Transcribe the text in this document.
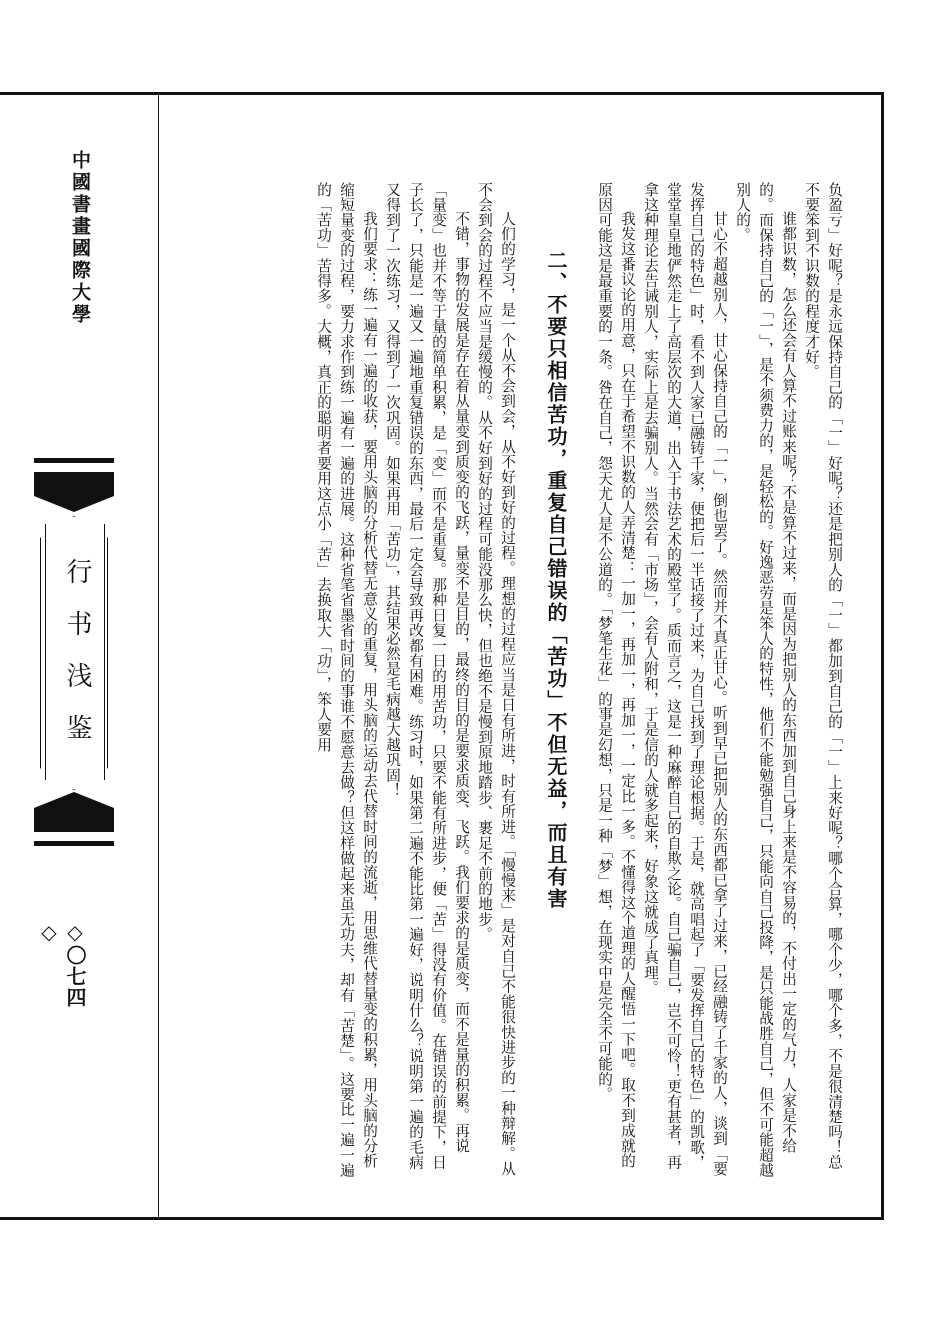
中國書畫國際大學
行书浅鉴
◇〇七四◇	负盈亏」好呢？是永远保持自己的「一」好呢？还是把别人的「一」都加到自己的「一」上来好呢？哪个合算，哪个少，哪个多，不是很清楚吗！总不要笨到不识数的程度才好。

谁都识数，怎么还会有人算不过账来呢？不是算不过来，而是因为把别人的东西加到自己身上来是不容易的，不付出一定的气力，人家是不给的。而保持自己的「一」，是不须费力的，是轻松的。好逸恶劳是笨人的特性，他们不能勉强自己，只能向自己投降，是只能战胜自己，但不可能超越别人的。

甘心不超越别人，甘心保持自己的「一」，倒也罢了。然而并不真正甘心。听到早已把别人的东西都已拿了过来，已经融铸了千家的人，谈到「要发挥自己的特色」时，看不到人家已融铸千家，便把后一半话接了过来，为自己找到了理论根据。于是，就高唱起了「要发挥自己的特色」的凯歌，堂堂皇皇地俨然走上了高层次的大道，出入于书法艺术的殿堂了。质而言之，这是一种麻醉自己的自欺之论。自己骗自己，岂不可怜！更有甚者，再拿这种理论去告诫别人，实际上是去骗别人。当然会有「市场」，会有人附和，于是信的人就多起来，好象这就成了真理。

我发这番议论的用意，只在于希望不识数的人弄清楚：一加一，再加一，再加一，一定比一多。不懂得这个道理的人醒悟一下吧。取不到成就的原因可能这是最重要的一条。咎在自己，怨天尤人是不公道的。「梦笔生花」的事是幻想，只是一种「梦」想，在现实中是完全不可能的。

二、不要只相信苦功，重复自己错误的「苦功」不但无益，而且有害

人们的学习，是一个从不会到会，从不好到好的过程。理想的过程应当是日有所进，时有所进。「慢慢来」是对自己不能很快进步的一种辩解。从不会到会的过程不应当是缓慢的。从不好到好的过程可能没那么快，但也绝不是慢到原地踏步、裹足不前的地步。

不错，事物的发展是存在着从量变到质变的飞跃，量变不是目的，最终的目的是要求质变、飞跃。我们要求的是质变，而不是量的积累。再说「量变」也并不等于量的简单积累，是「变」而不是重复。那种日复一日的用苦功，只要不能有所进步，便「苦」得没有价值。在错误的前提下，日子长了，只能是一遍又一遍地重复错误的东西，最后一定会导致再改都有困难。练习时，如果第二遍不能比第一遍好，说明什么？说明第一遍的毛病又得到了一次练习，又得到了一次巩固。如果再用「苦功」，其结果必然是毛病越大越巩固！

我们要求：练一遍有一遍的收获，要用头脑的分析代替无意义的重复，用头脑的运动去代替时间的流逝，用思维代替量变的积累，用头脑的分析缩短量变的过程，要力求作到练一遍有一遍的进展。这种省笔省墨省时间的事谁不愿意去做？但这样做起来虽无功夫，却有「苦楚」。这要比一遍一遍的「苦功」苦得多。大概，真正的聪明者要用这点小「苦」去换取大「功」，笨人要用
